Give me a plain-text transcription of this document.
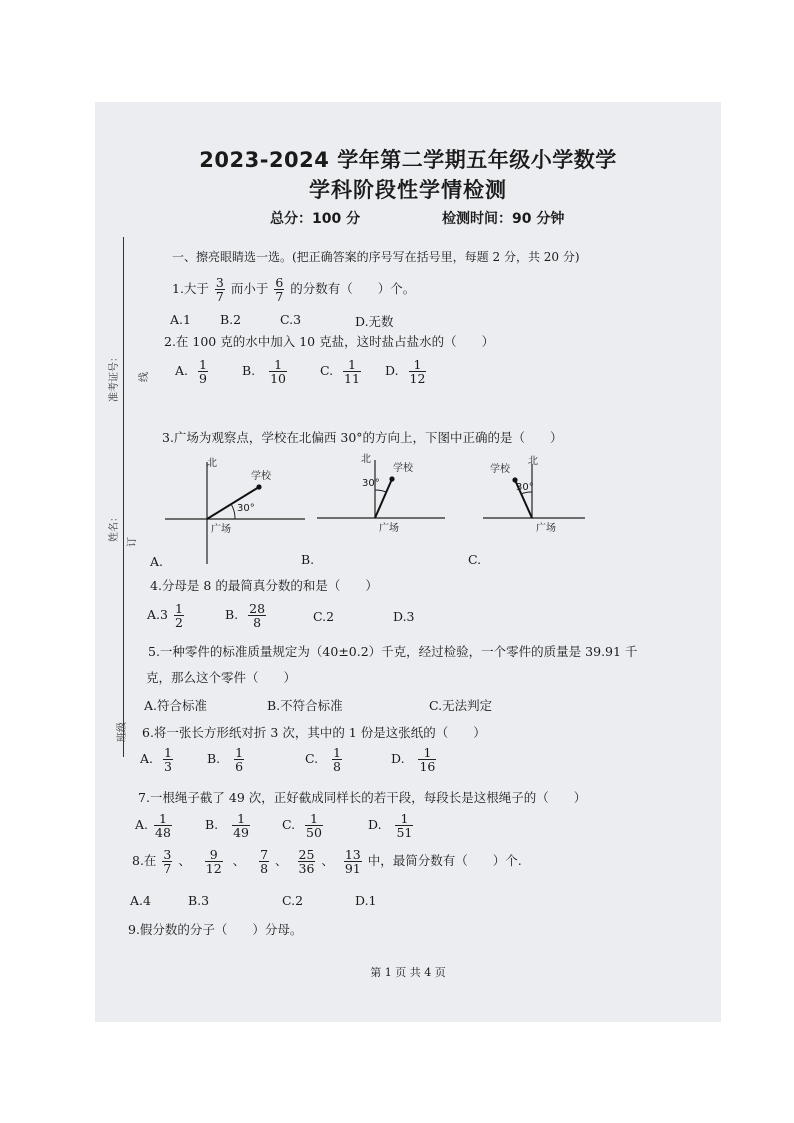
准考证号：	线
姓名： 订
班级
2023-2024 学年第二学期五年级小学数学
学科阶段性学情检测
总分：100 分	检测时间：90 分钟
一、擦亮眼睛选一选。(把正确答案的序号写在括号里，每题 2 分，共 20 分)
1.大于 $\frac{3}{7}$ 而小于 $\frac{6}{7}$ 的分数有（　　）个。
A.1 B.2	C.3	D.无数
2.在 100 克的水中加入 10 克盐，这时盐占盐水的（　　）
A. $\frac{1}{9}$	B. $\frac{1}{10}$	C. $\frac{1}{11} D$. $\frac{1}{12}$
3.广场为观察点，学校在北偏西 30°的方向上，下图中正确的是（　　）
北
学校
30°
广场
北
学校
30°
广场
北
学校
30°
广场
A.	B.	C.
4.分母是 8 的最简真分数的和是（　　）
$A.3 \frac{1}{2}$	B. $\frac{28}{8}$	C.2	D.3
5.一种零件的标准质量规定为（40±0.2）千克，经过检验，一个零件的质量是 39.91 千
克，那么这个零件（　　）
A.符合标准	B.不符合标准	C.无法判定
6.将一张长方形纸对折 3 次，其中的 1 份是这张纸的（　　）
A. $\frac{1}{3}$	B. $\frac{1}{6}$	C. $\frac{1}{8}$	D. $\frac{1}{16}$
7.一根绳子截了 49 次，正好截成同样长的若干段，每段长是这根绳子的（　　）
A. $\frac{1}{48}$	B. $\frac{1}{49}$	C. $\frac{1}{50}$	D. $\frac{1}{51}$
8.在 $\frac{3}{7}$ 、 $\frac{9}{12}$ 、 $\frac{7}{8}$ 、 $\frac{25}{36}$ 、 $\frac{13}{91}$ 中，最简分数有（　　）个.
A.4	B.3	C.2	D.1
9.假分数的分子（　　）分母。
第 1 页 共 4 页
